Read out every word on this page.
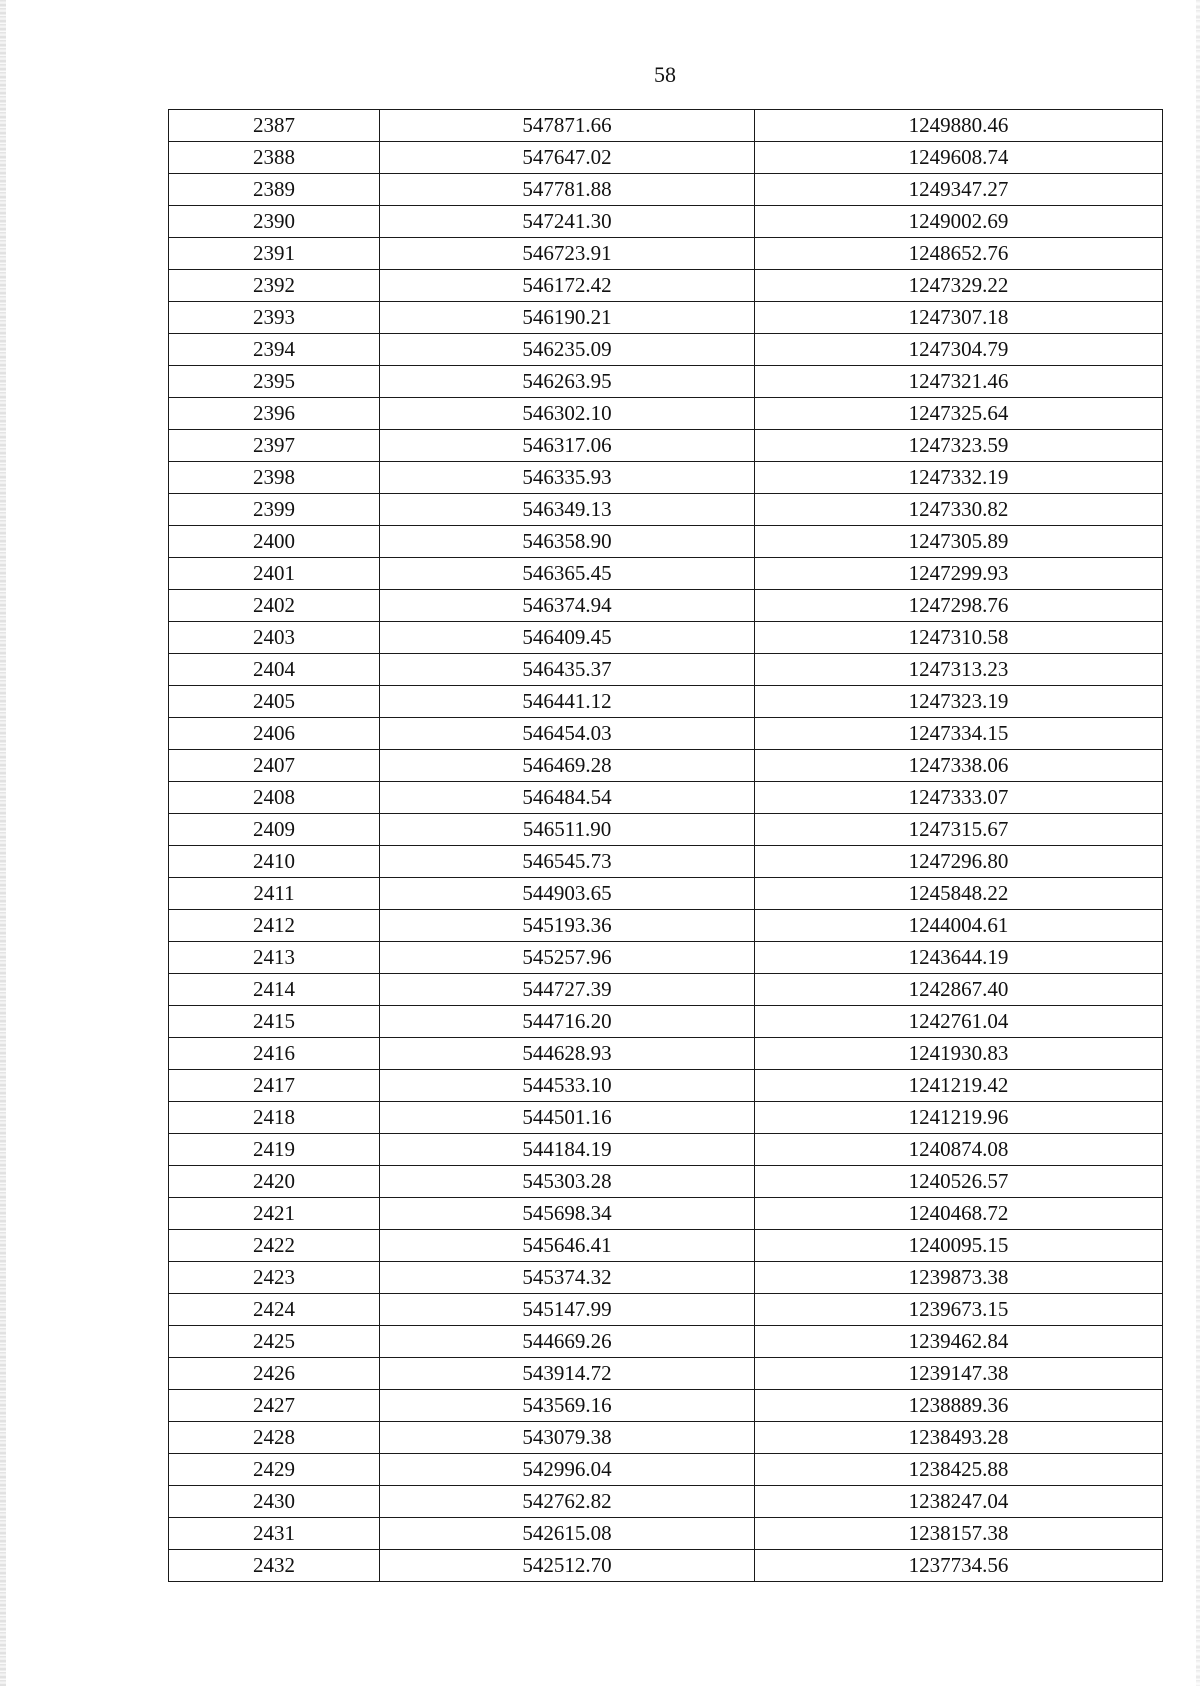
58
2387	547871.66	1249880.46
2388	547647.02	1249608.74
2389	547781.88	1249347.27
2390	547241.30	1249002.69
2391	546723.91	1248652.76
2392	546172.42	1247329.22
2393	546190.21	1247307.18
2394	546235.09	1247304.79
2395	546263.95	1247321.46
2396	546302.10	1247325.64
2397	546317.06	1247323.59
2398	546335.93	1247332.19
2399	546349.13	1247330.82
2400	546358.90	1247305.89
2401	546365.45	1247299.93
2402	546374.94	1247298.76
2403	546409.45	1247310.58
2404	546435.37	1247313.23
2405	546441.12	1247323.19
2406	546454.03	1247334.15
2407	546469.28	1247338.06
2408	546484.54	1247333.07
2409	546511.90	1247315.67
2410	546545.73	1247296.80
2411	544903.65	1245848.22
2412	545193.36	1244004.61
2413	545257.96	1243644.19
2414	544727.39	1242867.40
2415	544716.20	1242761.04
2416	544628.93	1241930.83
2417	544533.10	1241219.42
2418	544501.16	1241219.96
2419	544184.19	1240874.08
2420	545303.28	1240526.57
2421	545698.34	1240468.72
2422	545646.41	1240095.15
2423	545374.32	1239873.38
2424	545147.99	1239673.15
2425	544669.26	1239462.84
2426	543914.72	1239147.38
2427	543569.16	1238889.36
2428	543079.38	1238493.28
2429	542996.04	1238425.88
2430	542762.82	1238247.04
2431	542615.08	1238157.38
2432	542512.70	1237734.56
